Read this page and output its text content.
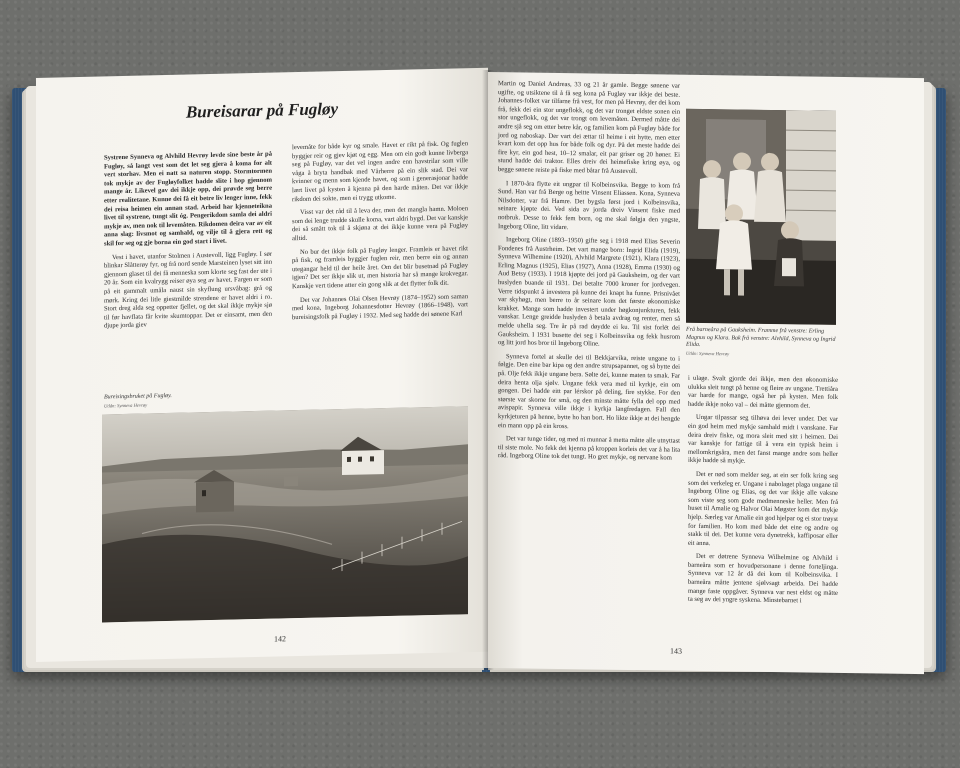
Bureisarar på Fugløy

Systrene Synneva og Alvhild Hevrøy levde sine beste år på Fugløy, så langt vest som det let seg gjera å koma for alt vert storhav. Men ei natt sa naturen stopp. Stormtormen tok mykje av der Fugløyfolket hadde slite i hop gjennom mange år. Likevel gav dei ikkje opp, dei prøvde seg berre etter realitetane. Kunne dei få eit betre liv lenger inne, fekk dei reisa heimen ein annan stad. Arbeid har kjenneteikna livet til systrene, tungt slit óg. Pengerikdom samla dei aldri mykje av, men nok til levemåten. Rikdomen deira var av eit anna slag: livsmot og samhald, og vilje til å gjera rett og skil for seg og gje borna ein god start i livet.

Vest i havet, utanfor Stolmen i Austevoll, ligg Fugløy. I sør blinkar Slåtterøy fyr, og frå nord sende Marsteinen lyset sitt inn gjennom glaset til dei få menneska som klorte seg fast der ute i 20 år. Som ein kvalrygg reiser øya seg av havet. Fargen er som på eit gammalt umåla naust sin skyflung ursvåbag: grå og mørk. Kring dei litle giestmilde strendene er havet aldri i ro. Stort dreg alda seg oppetter fjellet, og det skal ikkje mykje sjø til før havflata får kvite skumtoppar. Det er einsamt, men den djupe jorda giev

levemåte for både kyr og smale. Havet er rikt på fisk. Og fuglen byggjer reir og gjev kjøt og egg. Men om ein godt kunne livberga seg på Fugløy, var det vel ingen andre enn havstrilar som ville våga å bryta handbak med Vårherre på ein slik stad. Dei var kvinner og menn som kjende havet, og som i generasjonar hadde lært livet på kysten å kjenna på den harde måten. Det var ikkje rikdom dei sokte, men ei trygg utkome.

Visst var det råd til å leva der, men det mangla hamn. Moloen som dei lenge trudde skulle koma, vart aldri bygd. Det var kanskje dei så smått tok til å skjøna at dei ikkje kunne vera på Fugløy alltid.

No bur det ikkje folk på Fugløy lenger. Framleis er havet rikt på fisk, og framleis byggjer fuglen reir, men berre ein og annan utegangar held til der heile året. Om det blir busetnad på Fugløy igjen? Det ser ikkje slik ut, men historia har så mange krokvegar. Kanskje vert tidene atter ein gong slik at det flytter folk dit.

Det var Johannes Olai Olsen Hevrøy (1874–1952) som saman med kona, Ingeborg Johannesdotter Hevrøy (1866–1948), vart bureisingsfolk på Fugløy i 1932. Med seg hadde dei sønene Karl

Bureisingsbruket på Fugløy.
Utlån: Synneva Hevrøy
142

Martin og Daniel Andreas, 33 og 21 år gamle. Begge sønene var ugifte, og utsiktene til å få seg kona på Fugløy var ikkje dei beste. Johannes-folket var tilfarne frå vest, for men på Hevrøy, der dei kom frå, fekk dei ein stor ungeflokk, og det var tronget eldste sonen ein stor ungeflokk, og det var trongt om levemåten. Dermed måtte dei andre sjå seg om etter betre kår, og familien kom på Fugløy både for jord og naboskap. Der vart dei ættar til heime i eit hytte, men etter kvart kom det opp hus for både folk og dyr. På det meste hadde dei fire kyr, ein god hest, 10–12 smalar, eit par griser og 20 høner. Ei stund hadde dei traktor. Elles dreiv dei heimefiske kring øya, og begge sønene reiste på fiske med båtar frå Austevoll.

I 1870-åra flytte eit ungpar til Kolbeinsvika. Begge to kom frå Sund. Han var frå Berge og heitte Vinsent Eliassen. Kona, Synneva Nilsdotter, var frå Hamre. Det bygsla først jord i Kolbeinsvika, seinare kjøpte dei. Ved sida av jorda dreiv Vinsent fiske med notbruk. Desse to fekk fem born, og me skal følgja den yngste, Ingeborg Oline, litt vidare.

Ingeborg Oline (1893–1950) gifte seg i 1918 med Elias Severin Fondenes frå Austrheim. Det vart mange born: Ingrid Elida (1919), Synneva Wilhemine (1920), Alvhild Margrete (1921), Klara (1923), Erling Magnus (1925), Elias (1927), Anna (1928), Emma (1930) og Aud Betsy (1933). I 1918 kjøpte dei jord på Gauksheim, og der vart huslyden buande til 1931. Dei betalte 7000 kroner for jordvegen. Verre tidspunkt å investera på kunne dei knapt ha funne. Prisnivået var skyhøgt, men berre to år seinare kom det første økonomiske krakket. Mange som hadde investert under høgkonjunkturen, fekk vanskar. Lenge greidde huslyden å betala avdrag og renter, men så melde uhella seg. Tre år på rad døydde ei ku. Til sist forlét dei Gauksheim. I 1931 busette dei seg i Kolbeinsvika og fekk husrom og litt jord hos bror til Ingeborg Oline.

Synneva fortel at skulle dei til Bekkjarvika, reiste ungane to i følgje. Den eine bar kipa og den andre strupsapannet, og så bytte dei på. Olje fekk ikkje ungane bera. Sølte dei, kunne maten ta smak. Far deira henta olja sjølv. Ungane fekk vera med til kyrkje, ein om gongen. Dei hadde eitt par lérskor på deling, fire stykke. For den største var skorne for små, og den minste måtte fylla del opp med avispapir. Synneva ville ikkje i kyrkja langfredagen. Fall den kyrkjeturen på henne, bytte ho han bort. Ho likte ikkje at dei hengde ein mann opp på ein kross.

Det var tunge tider, og med ni munnar å metta måtte alle utnyttast til siste mole. No fekk dei kjenna på kroppen korleis det var å ha lita råd. Ingeborg Oline tok det tungt. Ho gret mykje, og nervane kom

Frå barneåra på Gauksheim. Framme frå venstre: Erling Magnus og Klara. Bak frå venstre: Alvhild, Synneva og Ingrid Elida.
Utlån: Synneva Hevrøy

i ulage. Svalt gjorde dei ikkje, men den økonomiske ulukka sleit tungt på henne og fleire av ungane. Trettiåra var harde for mange, også her på kysten. Men folk hadde ikkje noko val – dei måtte gjennom det.

Ungar tilpassar seg tilhøva dei lever under. Det var ein god heim med mykje samhald midt i vanskane. Far deira dreiv fiske, og mora sleit med sitt i heimen. Dei var kanskje for fattige til å vera ein typisk heim i mellomkrigsåra, men det fanst mange andre som heller ikkje hadde så mykje.

Det er nød som melder seg, at ein ser folk kring seg som dei verkeleg er. Ungane i nabolaget plaga ungane til Ingeborg Oline og Elias, og det var ikkje alle vaksne som viste seg som gode medmenneske heller. Men frå huset til Amalie og Halvor Olai Møgster kom det mykje hjelp. Særleg var Amalie ein god hjelpar og ei stor trøyst for familien. Ho kom med både det eine og andre og stakk til dei. Det kunne vera dynetrekk, kaffiposar eller eit anna.

Det er døtrene Synneva Wilhelmine og Alvhild i barneåra som er hovudpersonane i denne forteljinga. Synneva var 12 år då dei kom til Kolbeinsvika. I barneåra måtte jentene sjølvsagt arbeida. Dei hadde mange faste oppgåver. Synneva var nest eldst og måtte ta seg av dei yngre syskena. Minstebarnet i

143
